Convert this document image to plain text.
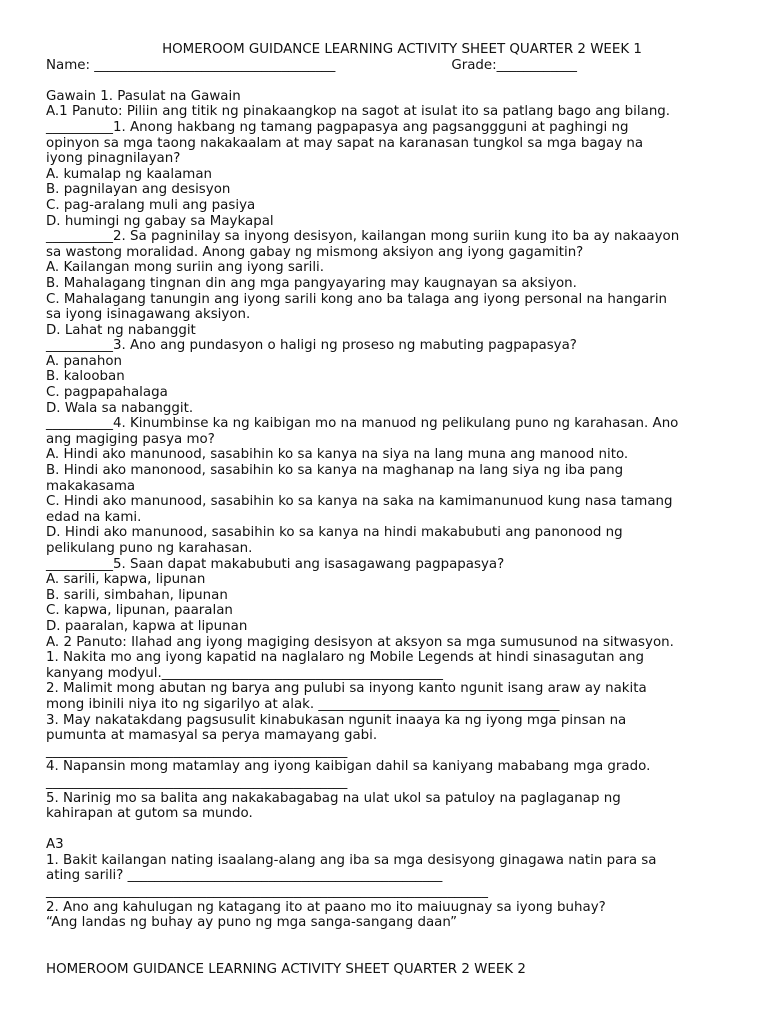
HOMEROOM GUIDANCE LEARNING ACTIVITY SHEET QUARTER 2 WEEK 1
Name: ____________________________________	Grade:____________
Gawain 1. Pasulat na Gawain
A.1 Panuto: Piliin ang titik ng pinakaangkop na sagot at isulat ito sa patlang bago ang bilang.
__________1. Anong hakbang ng tamang pagpapasya ang pagsanggguni at paghingi ng
opinyon sa mga taong nakakaalam at may sapat na karanasan tungkol sa mga bagay na
iyong pinagnilayan?
A. kumalap ng kaalaman
B. pagnilayan ang desisyon
C. pag-aralang muli ang pasiya
D. humingi ng gabay sa Maykapal
__________2. Sa pagninilay sa inyong desisyon, kailangan mong suriin kung ito ba ay nakaayon
sa wastong moralidad. Anong gabay ng mismong aksiyon ang iyong gagamitin?
A. Kailangan mong suriin ang iyong sarili.
B. Mahalagang tingnan din ang mga pangyayaring may kaugnayan sa aksiyon.
C. Mahalagang tanungin ang iyong sarili kong ano ba talaga ang iyong personal na hangarin
sa iyong isinagawang aksiyon.
D. Lahat ng nabanggit
__________3. Ano ang pundasyon o haligi ng proseso ng mabuting pagpapasya?
A. panahon
B. kalooban
C. pagpapahalaga
D. Wala sa nabanggit.
__________4. Kinumbinse ka ng kaibigan mo na manuod ng pelikulang puno ng karahasan. Ano
ang magiging pasya mo?
A. Hindi ako manunood, sasabihin ko sa kanya na siya na lang muna ang manood nito.
B. Hindi ako manonood, sasabihin ko sa kanya na maghanap na lang siya ng iba pang
makakasama
C. Hindi ako manunood, sasabihin ko sa kanya na saka na kamimanunuod kung nasa tamang
edad na kami.
D. Hindi ako manunood, sasabihin ko sa kanya na hindi makabubuti ang panonood ng
pelikulang puno ng karahasan.
__________5. Saan dapat makabubuti ang isasagawang pagpapasya?
A. sarili, kapwa, lipunan
B. sarili, simbahan, lipunan
C. kapwa, lipunan, paaralan
D. paaralan, kapwa at lipunan
A. 2 Panuto: Ilahad ang iyong magiging desisyon at aksyon sa mga sumusunod na sitwasyon.
1. Nakita mo ang iyong kapatid na naglalaro ng Mobile Legends at hindi sinasagutan ang
kanyang modyul.__________________________________________
2. Malimit mong abutan ng barya ang pulubi sa inyong kanto ngunit isang araw ay nakita
mong ibinili niya ito ng sigarilyo at alak. ____________________________________
3. May nakatakdang pagsusulit kinabukasan ngunit inaaya ka ng iyong mga pinsan na
pumunta at mamasyal sa perya mamayang gabi.
_____________________________________________
4. Napansin mong matamlay ang iyong kaibigan dahil sa kaniyang mababang mga grado.
_____________________________________________
5. Narinig mo sa balita ang nakakabagabag na ulat ukol sa patuloy na paglaganap ng
kahirapan at gutom sa mundo.
A3
1. Bakit kailangan nating isaalang-alang ang iba sa mga desisyong ginagawa natin para sa
ating sarili? _______________________________________________
__________________________________________________________________
2. Ano ang kahulugan ng katagang ito at paano mo ito maiuugnay sa iyong buhay?
“Ang landas ng buhay ay puno ng mga sanga-sangang daan”
HOMEROOM GUIDANCE LEARNING ACTIVITY SHEET QUARTER 2 WEEK 2
